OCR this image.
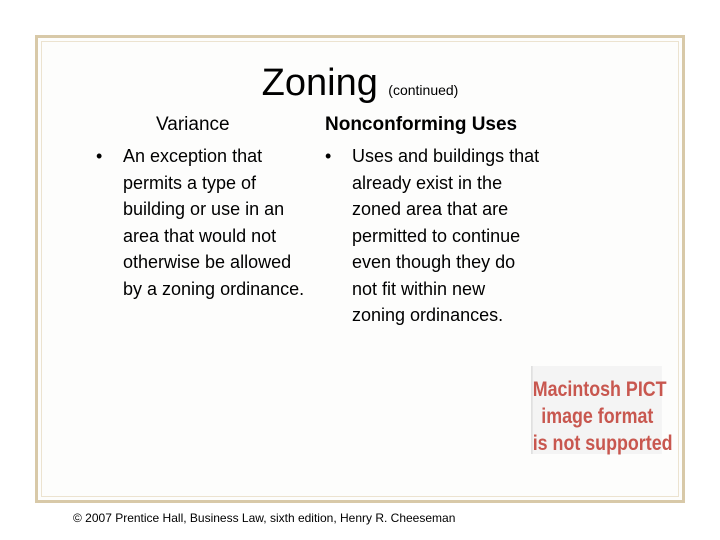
Zoning (continued)
Variance	Nonconforming Uses
• An exception that permits a type of building or use in an area that would not otherwise be allowed by a zoning ordinance.
• Uses and buildings that already exist in the zoned area that are permitted to continue even though they do not fit within new zoning ordinances.
Macintosh PICT
image format
is not supported
© 2007 Prentice Hall, Business Law, sixth edition, Henry R. Cheeseman
